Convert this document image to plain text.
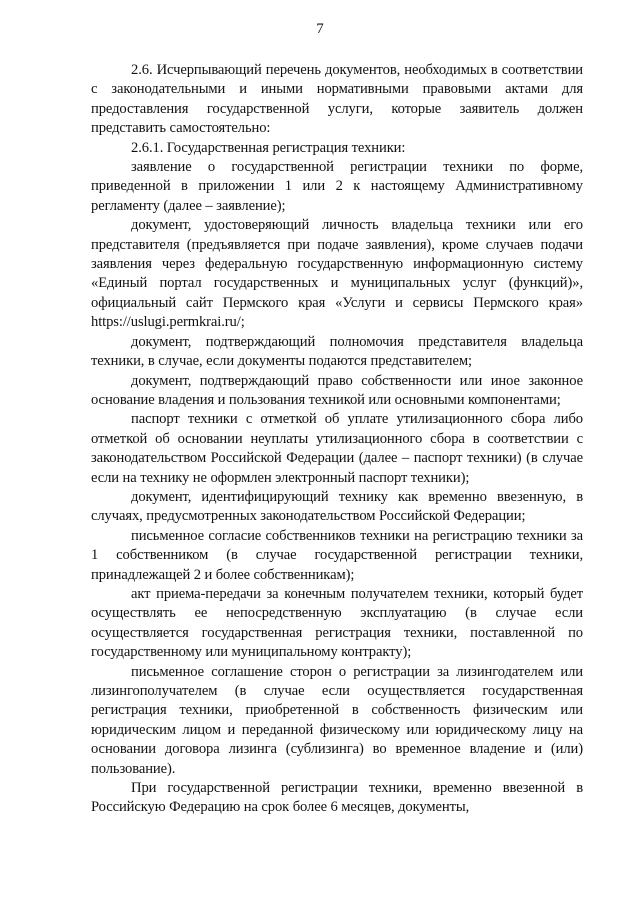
7

2.6. Исчерпывающий перечень документов, необходимых в соответствии с законодательными и иными нормативными правовыми актами для предоставления государственной услуги, которые заявитель должен представить самостоятельно:

2.6.1. Государственная регистрация техники:

заявление о государственной регистрации техники по форме, приведенной в приложении 1 или 2 к настоящему Административному регламенту (далее – заявление);

документ, удостоверяющий личность владельца техники или его представителя (предъявляется при подаче заявления), кроме случаев подачи заявления через федеральную государственную информационную систему «Единый портал государственных и муниципальных услуг (функций)», официальный сайт Пермского края «Услуги и сервисы Пермского края» https://uslugi.permkrai.ru/;

документ, подтверждающий полномочия представителя владельца техники, в случае, если документы подаются представителем;

документ, подтверждающий право собственности или иное законное основание владения и пользования техникой или основными компонентами;

паспорт техники с отметкой об уплате утилизационного сбора либо отметкой об основании неуплаты утилизационного сбора в соответствии с законодательством Российской Федерации (далее – паспорт техники) (в случае если на технику не оформлен электронный паспорт техники);

документ, идентифицирующий технику как временно ввезенную, в случаях, предусмотренных законодательством Российской Федерации;

письменное согласие собственников техники на регистрацию техники за 1 собственником (в случае государственной регистрации техники, принадлежащей 2 и более собственникам);

акт приема-передачи за конечным получателем техники, который будет осуществлять ее непосредственную эксплуатацию (в случае если осуществляется государственная регистрация техники, поставленной по государственному или муниципальному контракту);

письменное соглашение сторон о регистрации за лизингодателем или лизингополучателем (в случае если осуществляется государственная регистрация техники, приобретенной в собственность физическим или юридическим лицом и переданной физическому или юридическому лицу на основании договора лизинга (сублизинга) во временное владение и (или) пользование).

При государственной регистрации техники, временно ввезенной в Российскую Федерацию на срок более 6 месяцев, документы,
